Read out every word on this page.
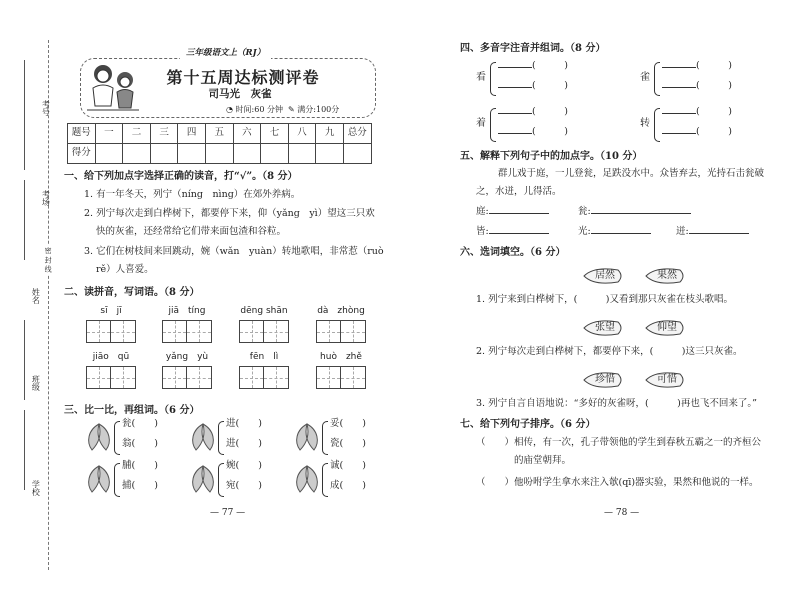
考号
考场
密 封 线
姓名
班级
学校
三年级语文上（RJ）
第十五周达标测评卷
司马光　灰雀
◔ 时间:60 分钟 ✎ 满分:100分
题号	一	二	三	四	五	六	七	八	九	总分
得分										
一、给下列加点字选择正确的读音，打“√”。（8 分）
1. 有一年冬天，列宁（níng　nìng）在郊外养病。
2. 列宁每次走到白桦树下，都要停下来，仰（yǎng　yì）望这三只欢
快的灰雀，还经常给它们带来面包渣和谷粒。
3. 它们在树枝间来回跳动，婉（wǎn　yuàn）转地歌唱，非常惹（ruò
rě）人喜爱。
二、读拼音，写词语。（8 分）
sī　jī	jiā　tíng	dēng shān	dà　zhòng
jiāo　qū	yǎng　yù	fēn　lì	huò　zhě
三、比一比，再组词。（6 分）
瓮(　　)
翁(　　)
进(　　)
进(　　)
妥(　　)
瓷(　　)
脯(　　)
捕(　　)
婉(　　)
宛(　　)
诚(　　)
成(　　)
— 77 —
四、多音字注音并组词。（8 分）
看
(　　　)
(　　　)
雀
(　　　)
(　　　)
着
(　　　)
(　　　)
转
(　　　)
(　　　)
五、解释下列句子中的加点字。（10 分）
群儿戏于庭，一儿登瓮，足跌没水中。众皆弃去，光持石击瓮破
之，水迸，儿得活。
庭:	瓮:
皆:	光:	迸:
六、选词填空。（6 分）
居然	果然
1. 列宁来到白桦树下，(　　　)又看到那只灰雀在枝头歌唱。
张望	仰望
2. 列宁每次走到白桦树下，都要停下来，(　　　)这三只灰雀。
珍惜	可惜
3. 列宁自言自语地说：“多好的灰雀呀，(　　　)再也飞不回来了。”
七、给下列句子排序。（6 分）
（　　）相传，有一次，孔子带领他的学生到春秋五霸之一的齐桓公
的庙堂朝拜。
（　　）他吩咐学生拿水来注入欹(qī)器实验，果然和他说的一样。
— 78 —
